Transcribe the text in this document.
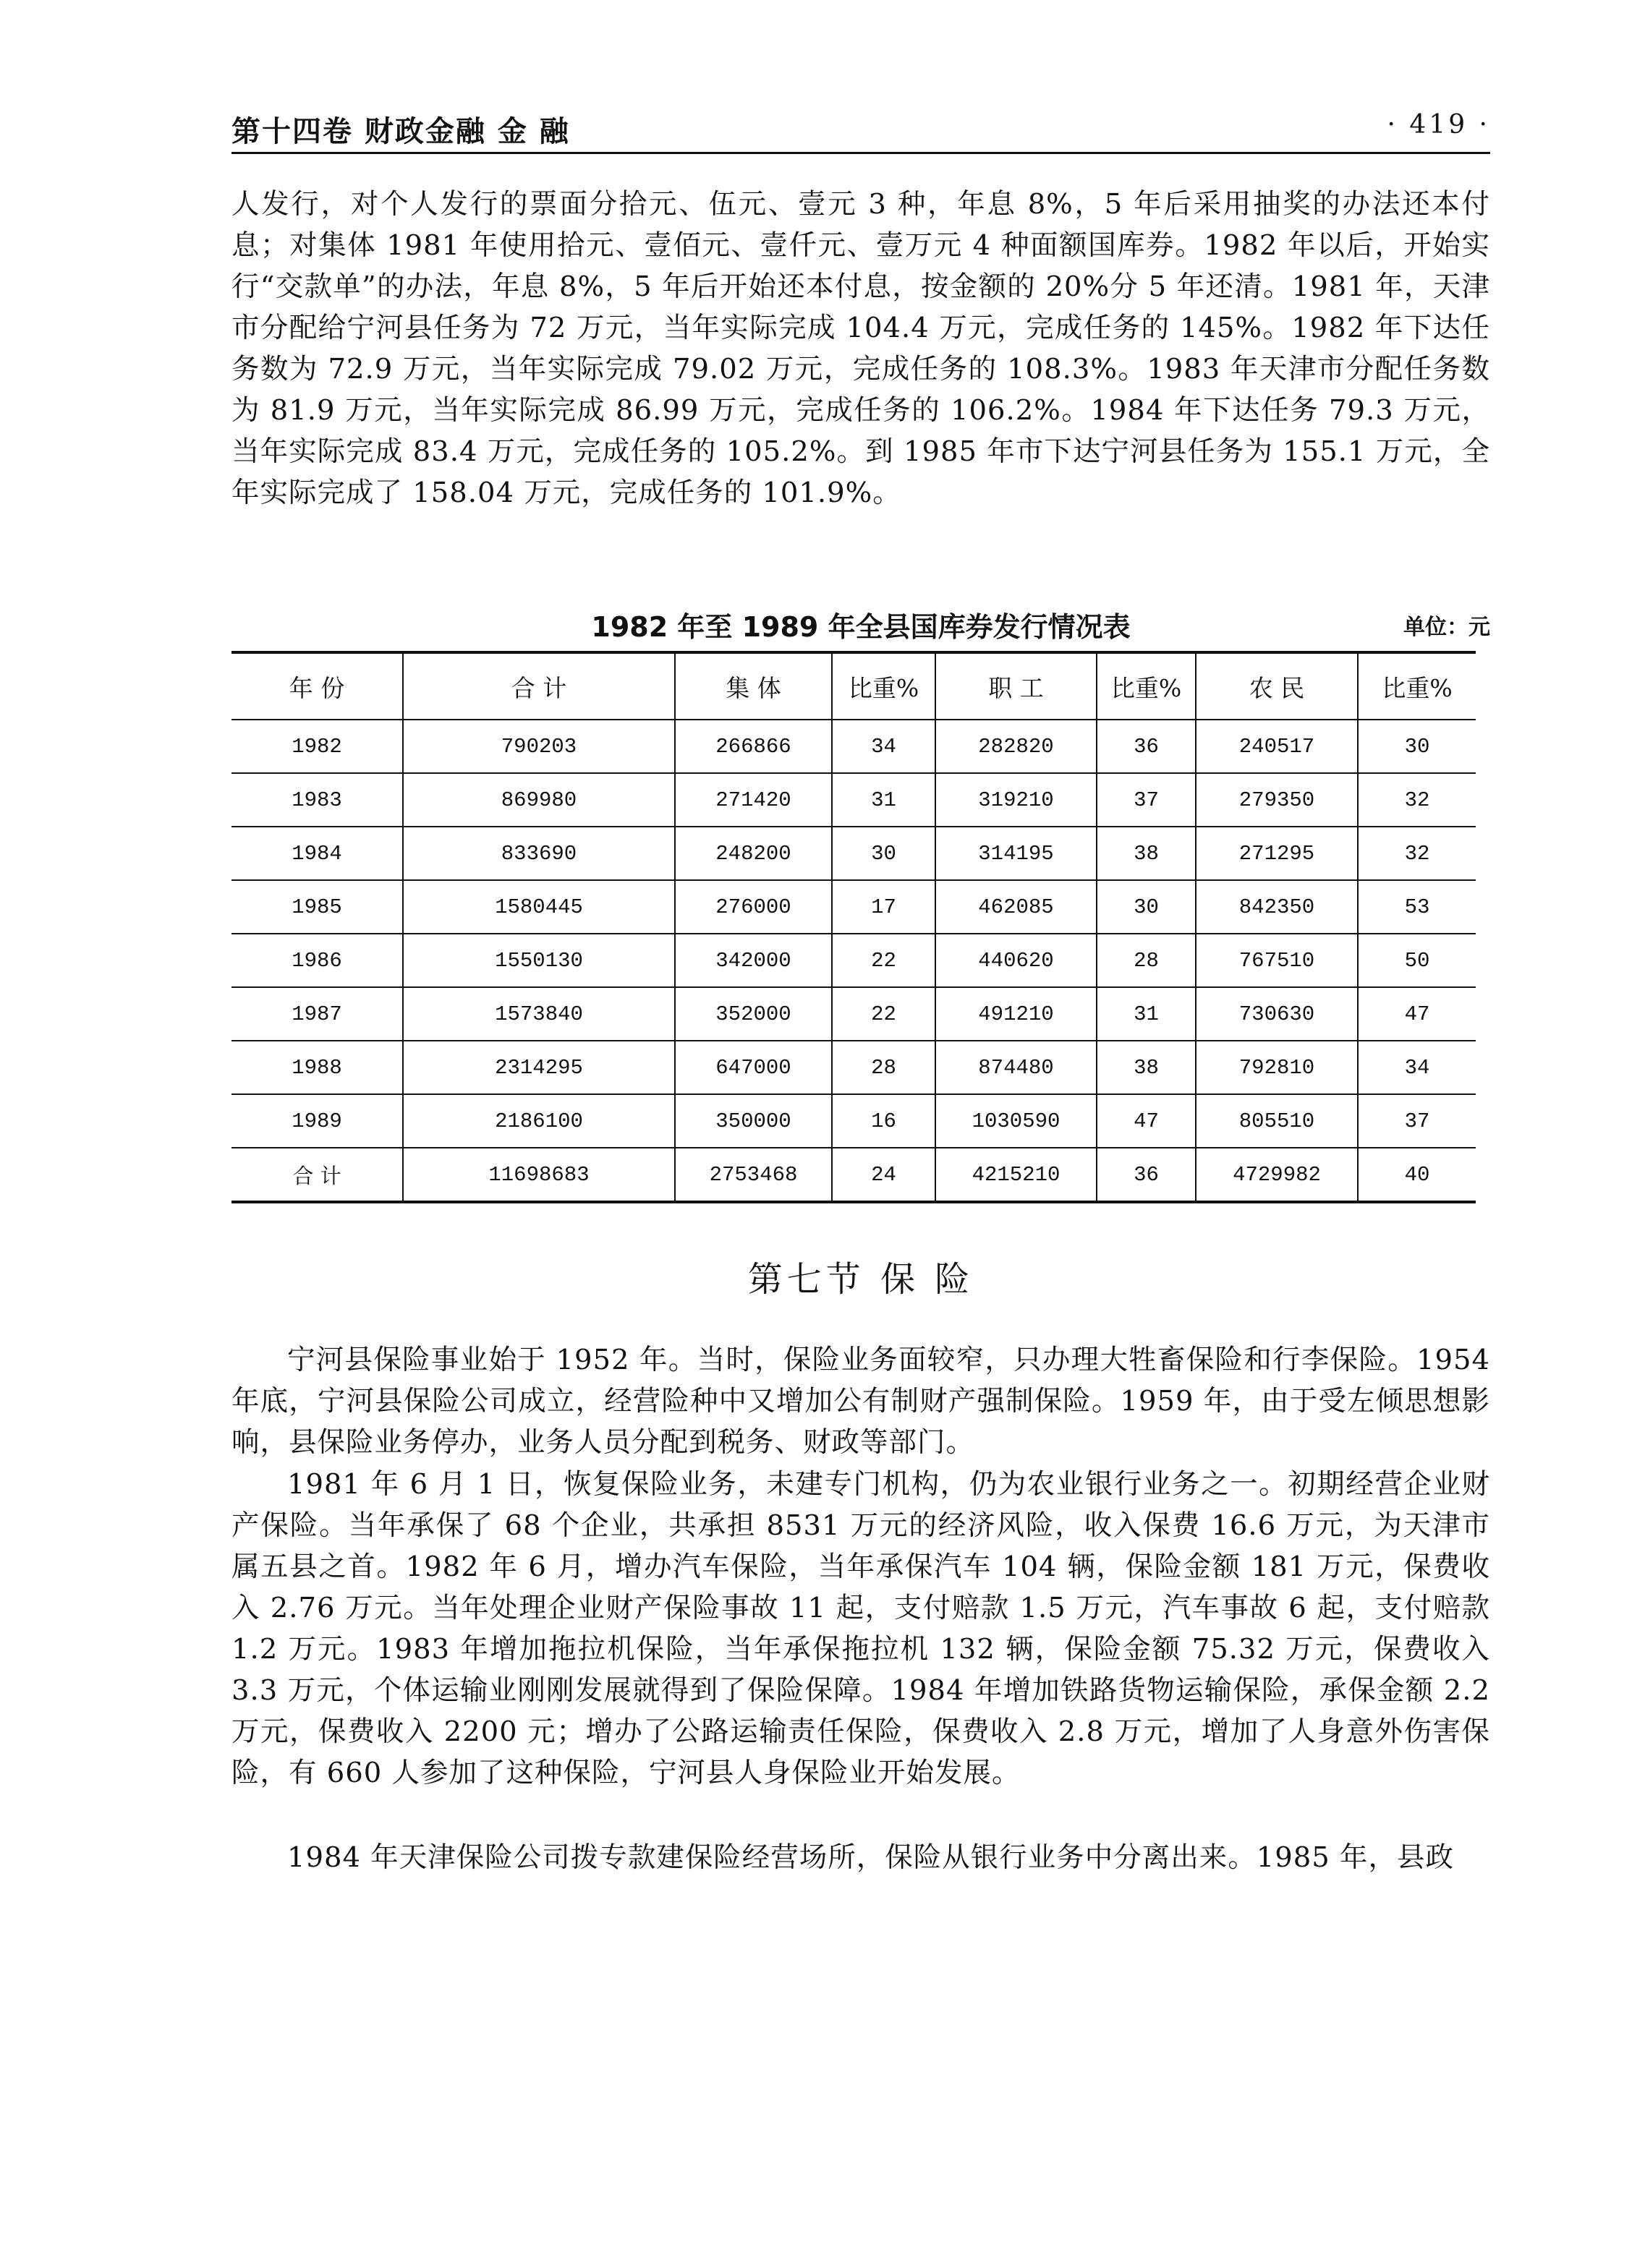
第十四卷 财政金融 金 融	· 419 ·

人发行，对个人发行的票面分拾元、伍元、壹元 3 种，年息 8%，5 年后采用抽奖的办法还本付息；对集体 1981 年使用拾元、壹佰元、壹仟元、壹万元 4 种面额国库券。1982 年以后，开始实行“交款单”的办法，年息 8%，5 年后开始还本付息，按金额的 20%分 5 年还清。1981 年，天津市分配给宁河县任务为 72 万元，当年实际完成 104.4 万元，完成任务的 145%。1982 年下达任务数为 72.9 万元，当年实际完成 79.02 万元，完成任务的 108.3%。1983 年天津市分配任务数为 81.9 万元，当年实际完成 86.99 万元，完成任务的 106.2%。1984 年下达任务 79.3 万元，当年实际完成 83.4 万元，完成任务的 105.2%。到 1985 年市下达宁河县任务为 155.1 万元，全年实际完成了 158.04 万元，完成任务的 101.9%。

1982 年至 1989 年全县国库券发行情况表	单位：元
年 份	合 计	集 体	比重%	职 工	比重%	农 民	比重%
1982	790203	266866	34	282820	36	240517	30
1983	869980	271420	31	319210	37	279350	32
1984	833690	248200	30	314195	38	271295	32
1985	1580445	276000	17	462085	30	842350	53
1986	1550130	342000	22	440620	28	767510	50
1987	1573840	352000	22	491210	31	730630	47
1988	2314295	647000	28	874480	38	792810	34
1989	2186100	350000	16	1030590	47	805510	37
合 计	11698683	2753468	24	4215210	36	4729982	40
第七节 保 险

宁河县保险事业始于 1952 年。当时，保险业务面较窄，只办理大牲畜保险和行李保险。1954 年底，宁河县保险公司成立，经营险种中又增加公有制财产强制保险。1959 年，由于受左倾思想影响，县保险业务停办，业务人员分配到税务、财政等部门。

1981 年 6 月 1 日，恢复保险业务，未建专门机构，仍为农业银行业务之一。初期经营企业财产保险。当年承保了 68 个企业，共承担 8531 万元的经济风险，收入保费 16.6 万元，为天津市属五县之首。1982 年 6 月，增办汽车保险，当年承保汽车 104 辆，保险金额 181 万元，保费收入 2.76 万元。当年处理企业财产保险事故 11 起，支付赔款 1.5 万元，汽车事故 6 起，支付赔款 1.2 万元。1983 年增加拖拉机保险，当年承保拖拉机 132 辆，保险金额 75.32 万元，保费收入 3.3 万元，个体运输业刚刚发展就得到了保险保障。1984 年增加铁路货物运输保险，承保金额 2.2 万元，保费收入 2200 元；增办了公路运输责任保险，保费收入 2.8 万元，增加了人身意外伤害保险，有 660 人参加了这种保险，宁河县人身保险业开始发展。

1984 年天津保险公司拨专款建保险经营场所，保险从银行业务中分离出来。1985 年，县政
